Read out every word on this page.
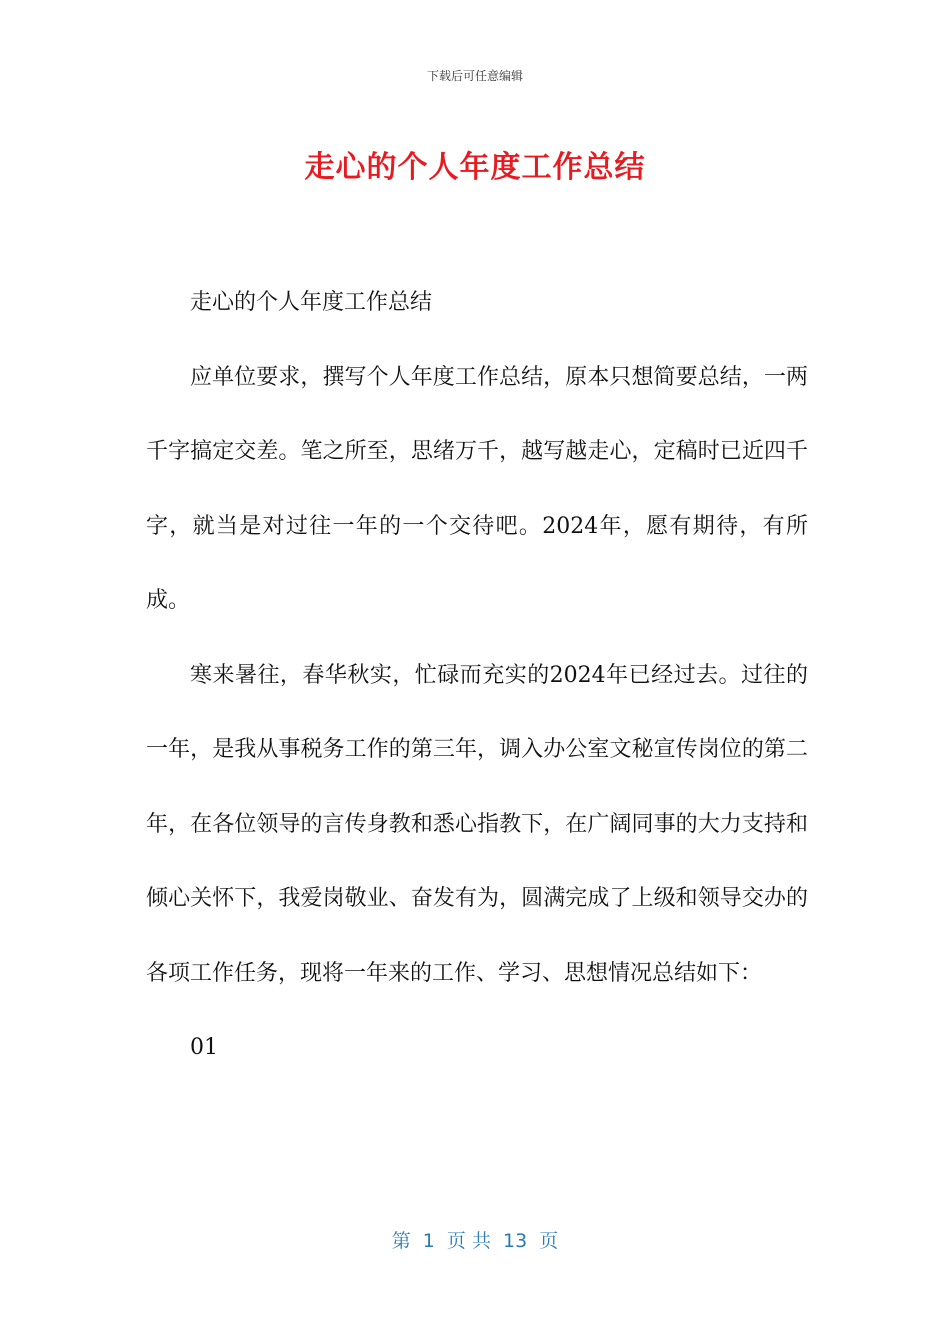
下载后可任意编辑
走心的个人年度工作总结

走心的个人年度工作总结

应单位要求，撰写个人年度工作总结，原本只想简要总结，一两千字搞定交差。笔之所至，思绪万千，越写越走心，定稿时已近四千字，就当是对过往一年的一个交待吧。2024年，愿有期待，有所成。

寒来暑往，春华秋实，忙碌而充实的2024年已经过去。过往的一年，是我从事税务工作的第三年，调入办公室文秘宣传岗位的第二年，在各位领导的言传身教和悉心指教下，在广阔同事的大力支持和倾心关怀下，我爱岗敬业、奋发有为，圆满完成了上级和领导交办的各项工作任务，现将一年来的工作、学习、思想情况总结如下：

01

第  1  页 共  13  页
